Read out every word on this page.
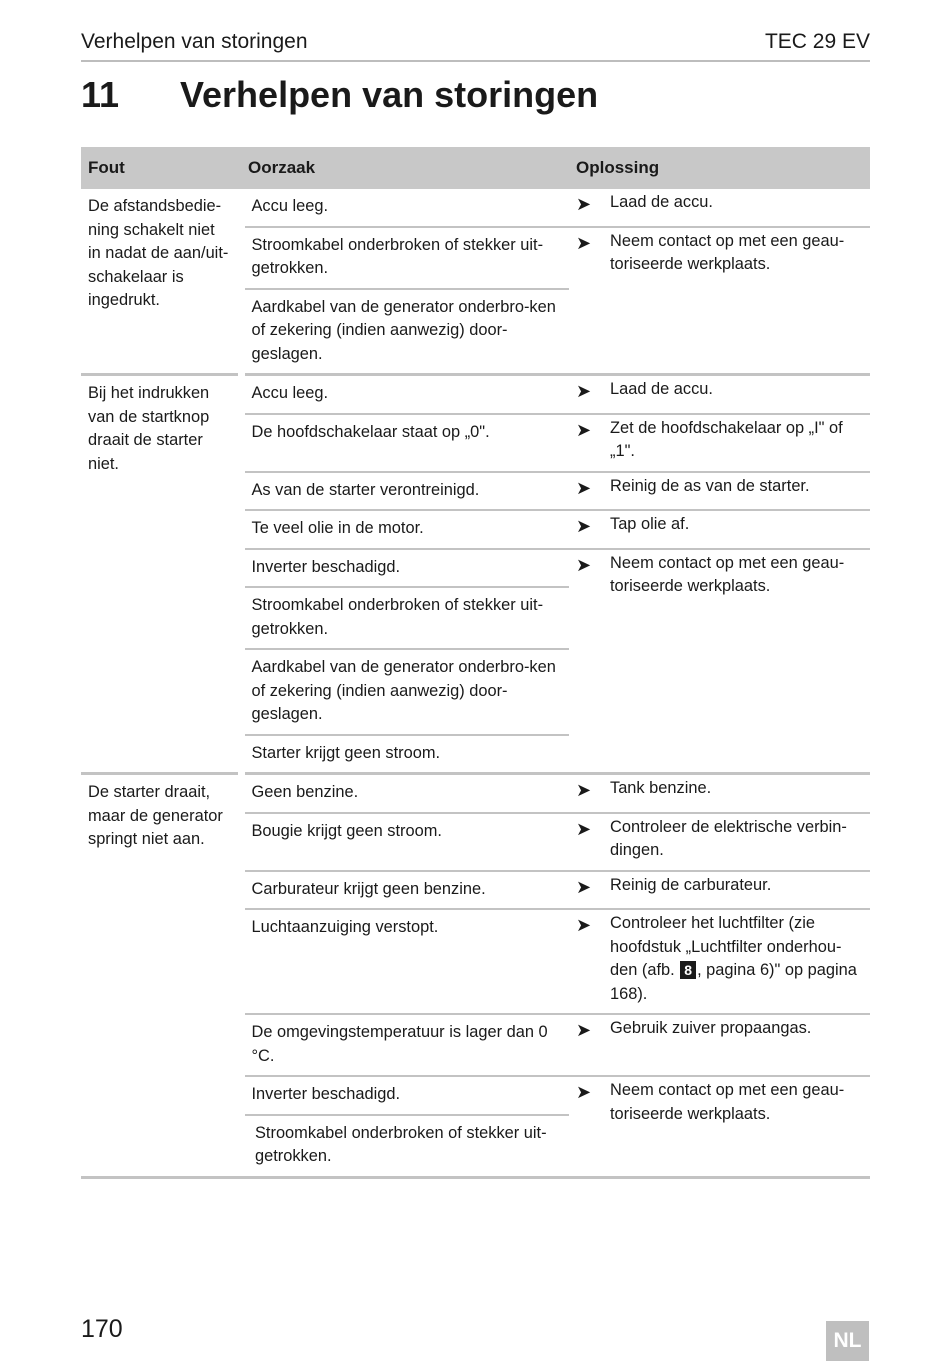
Verhelpen van storingen	TEC 29 EV
11 Verhelpen van storingen
Fout	Oorzaak	Oplossing
De afstandsbedie-ning schakelt niet in nadat de aan/uit-schakelaar is ingedrukt.	Accu leeg.	➤ Laad de accu.

	Stroomkabel onderbroken of stekker uit-getrokken.	➤ Neem contact op met een geau-toriseerde werkplaats.

	Aardkabel van de generator onderbro-ken of zekering (indien aanwezig) door-geslagen.	
Bij het indrukken van de startknop draait de starter niet.	Accu leeg.	➤ Laad de accu.

	De hoofdschakelaar staat op „0".	➤ Zet de hoofdschakelaar op „I" of „1".

	As van de starter verontreinigd.	➤ Reinig de as van de starter.

	Te veel olie in de motor.	➤ Tap olie af.

	Inverter beschadigd.	➤ Neem contact op met een geau-toriseerde werkplaats.

	Stroomkabel onderbroken of stekker uit-getrokken.	
	Aardkabel van de generator onderbro-ken of zekering (indien aanwezig) door-geslagen.	
	Starter krijgt geen stroom.	
De starter draait, maar de generator springt niet aan.	Geen benzine.	➤ Tank benzine.

	Bougie krijgt geen stroom.	➤ Controleer de elektrische verbin-dingen.

	Carburateur krijgt geen benzine.	➤ Reinig de carburateur.

	Luchtaanzuiging verstopt.	➤ Controleer het luchtfilter (zie hoofdstuk „Luchtfilter onderhou-den (afb. 8 , pagina 6)" op pagina 168).

	De omgevingstemperatuur is lager dan 0 °C.	➤ Gebruik zuiver propaangas.

	Inverter beschadigd.	➤ Neem contact op met een geau-toriseerde werkplaats.

	Stroomkabel onderbroken of stekker uit-getrokken.	
170	NL
